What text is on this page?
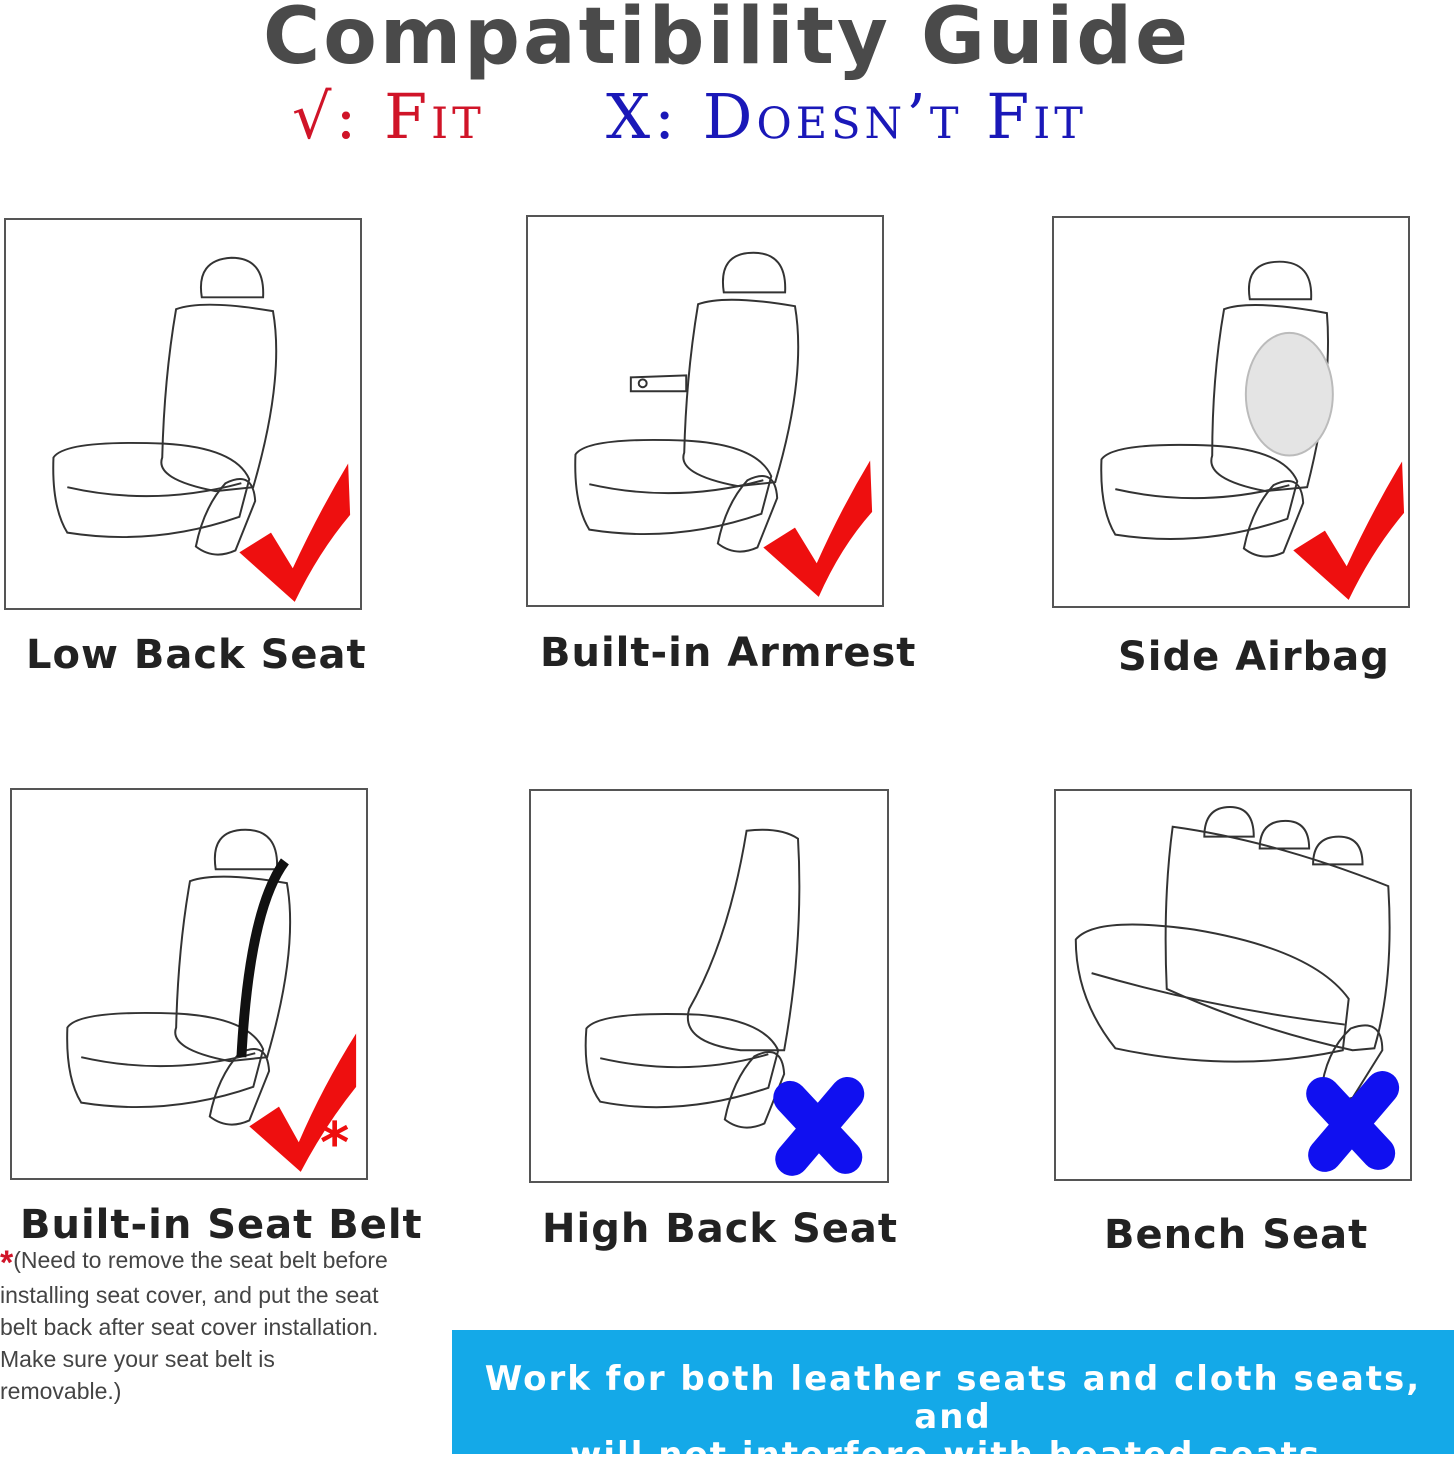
Compatibility Guide
√: Fit X: Doesn’t Fit
Low Back Seat	Built-in Armrest	Side Airbag
*
Built-in Seat Belt
*(Need to remove the seat belt before installing seat cover, and put the seat belt back after seat cover installation. Make sure your seat belt is removable.)
High Back Seat	Bench Seat
Work for both leather seats and cloth seats, and
will not interfere with heated seats.
